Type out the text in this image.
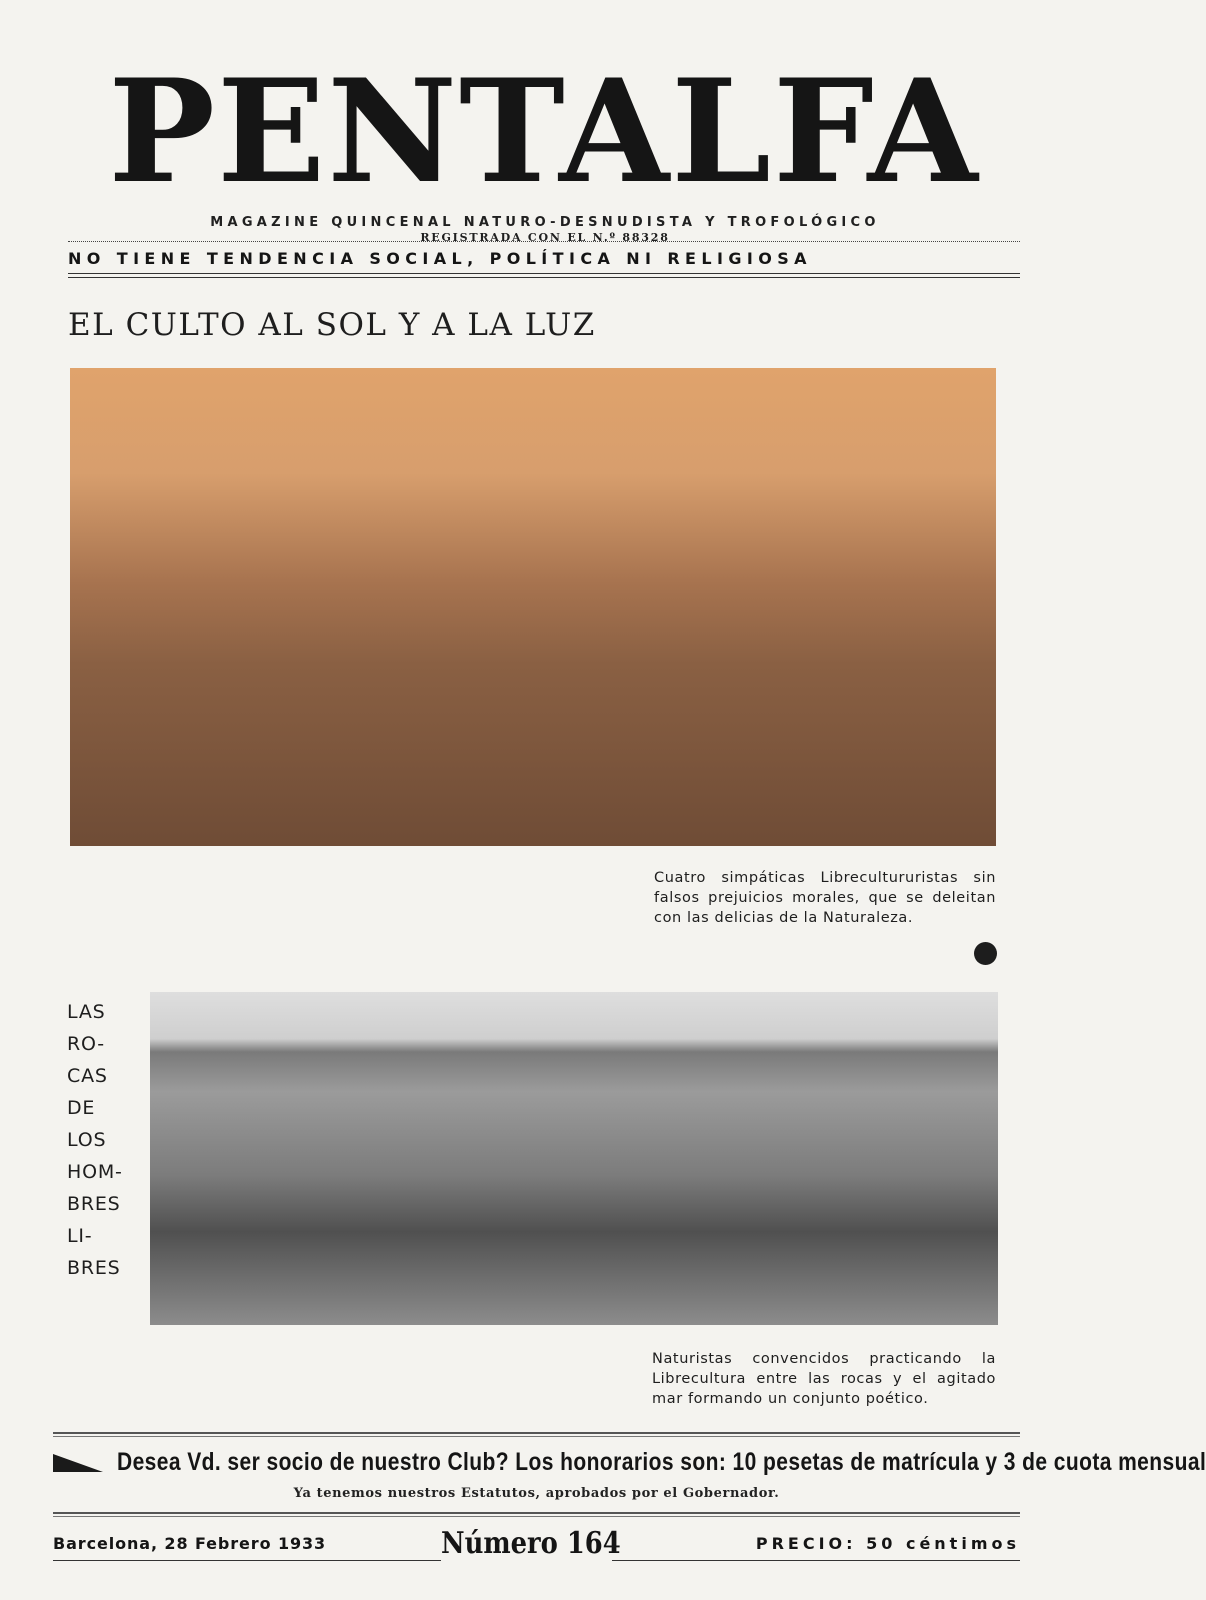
PENTALFA
MAGAZINE QUINCENAL NATURO-DESNUDISTA Y TROFOLÓGICO
REGISTRADA CON EL N.º 88328
NO TIENE TENDENCIA SOCIAL, POLÍTICA NI RELIGIOSA
EL CULTO AL SOL Y A LA LUZ
Cuatro simpáticas Librecultururistas sin falsos prejuicios morales, que se deleitan con las delicias de la Naturaleza.
LAS
RO-
CAS
DE
LOS
HOM-
BRES
LI-
BRES
Naturistas convencidos practicando la Librecultura entre las rocas y el agitado mar formando un conjunto poético.
Desea Vd. ser socio de nuestro Club? Los honorarios son: 10 pesetas de matrícula y 3 de cuota mensual
Ya tenemos nuestros Estatutos, aprobados por el Gobernador.
Barcelona, 28 Febrero 1933	Número 164	PRECIO: 50 céntimos
